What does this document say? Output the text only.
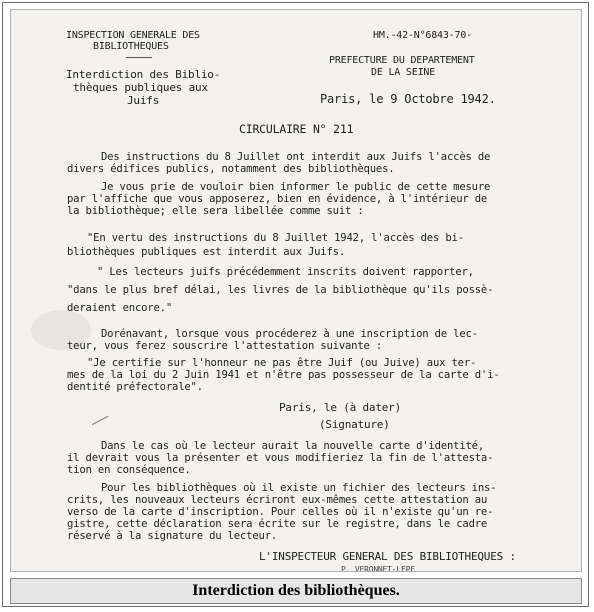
INSPECTION GENERALE DES
BIBLIOTHEQUES
Interdiction des Biblio-
thèques publiques aux
Juifs
HM.-42-N°6843-70-
PREFECTURE DU DEPARTEMENT
DE LA SEINE
Paris, le 9 Octobre 1942.
CIRCULAIRE N° 211
Des instructions du 8 Juillet ont interdit aux Juifs l'accès de
divers édifices publics, notamment des bibliothèques.
Je vous prie de vouloir bien informer le public de cette mesure
par l'affiche que vous apposerez, bien en évidence, à l'intérieur de
la bibliothèque; elle sera libellée comme suit :
"En vertu des instructions du 8 Juillet 1942, l'accès des bi-
bliothèques publiques est interdit aux Juifs.
" Les lecteurs juifs précédemment inscrits doivent rapporter,
"dans le plus bref délai, les livres de la bibliothèque qu'ils possè-
deraient encore."
Dorénavant, lorsque vous procéderez à une inscription de lec-
teur, vous ferez souscrire l'attestation suivante :
"Je certifie sur l'honneur ne pas être Juif (ou Juive) aux ter-
mes de la loi du 2 Juin 1941 et n'être pas possesseur de la carte d'i-
dentité préfectorale".
Paris, le (à dater)
(Signature)
Dans le cas où le lecteur aurait la nouvelle carte d'identité,
il devrait vous la présenter et vous modifieriez la fin de l'attesta-
tion en conséquence.
Pour les bibliothèques où il existe un fichier des lecteurs ins-
crits, les nouveaux lecteurs écriront eux-mêmes cette attestation au
verso de la carte d'inscription. Pour celles où il n'existe qu'un re-
gistre, cette déclaration sera écrite sur le registre, dans le cadre
réservé à la signature du lecteur.
L'INSPECTEUR GENERAL DES BIBLIOTHEQUES :
P. VERONNET-LEPE
Interdiction des bibliothèques.
